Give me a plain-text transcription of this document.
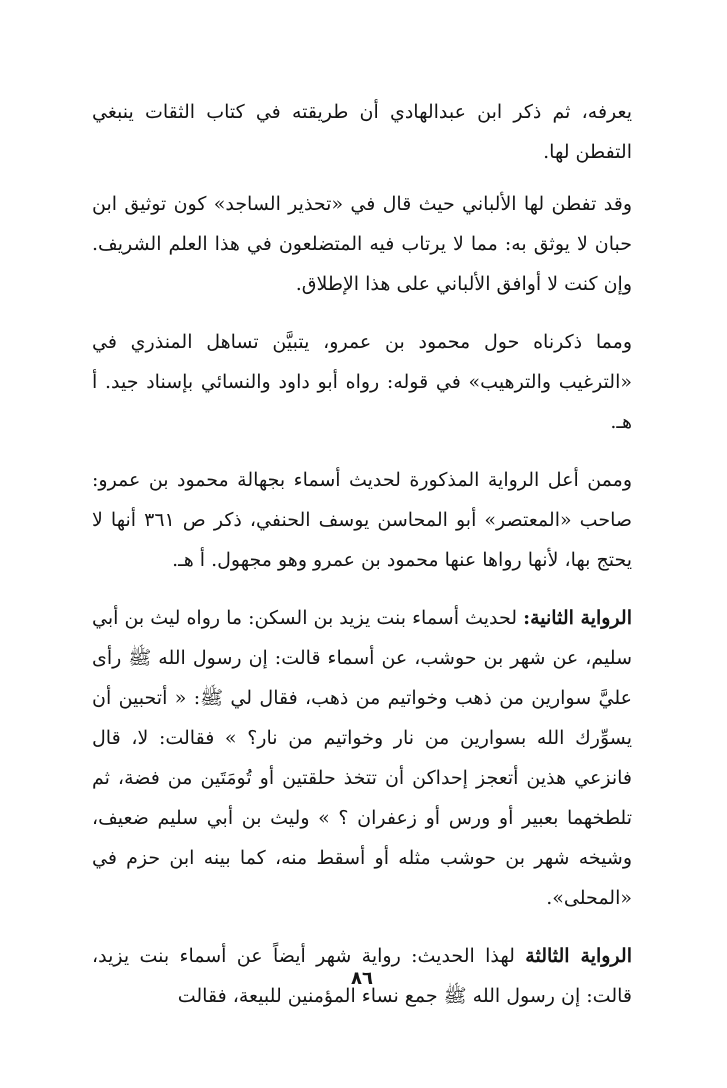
يعرفه، ثم ذكر ابن عبدالهادي أن طريقته في كتاب الثقات ينبغي التفطن لها.

وقد تفطن لها الألباني حيث قال في «تحذير الساجد» كون توثيق ابن حبان لا يوثق به: مما لا يرتاب فيه المتضلعون في هذا العلم الشريف. وإن كنت لا أوافق الألباني على هذا الإطلاق.

ومما ذكرناه حول محمود بن عمرو، يتبيَّن تساهل المنذري في «الترغيب والترهيب» في قوله: رواه أبو داود والنسائي بإسناد جيد. أ هـ.

وممن أعل الرواية المذكورة لحديث أسماء بجهالة محمود بن عمرو: صاحب «المعتصر» أبو المحاسن يوسف الحنفي، ذكر ص ٣٦١ أنها لا يحتج بها، لأنها رواها عنها محمود بن عمرو وهو مجهول. أ هـ.

الرواية الثانية: لحديث أسماء بنت يزيد بن السكن: ما رواه ليث بن أبي سليم، عن شهر بن حوشب، عن أسماء قالت: إن رسول الله ﷺ رأى عليَّ سوارين من ذهب وخواتيم من ذهب، فقال لي ﷺ: « أتحبين أن يسوِّرك الله بسوارين من نار وخواتيم من نار؟ » فقالت: لا، قال فانزعي هذين أتعجز إحداكن أن تتخذ حلقتين أو تُومَتَين من فضة، ثم تلطخهما بعبير أو ورس أو زعفران ؟ » وليث بن أبي سليم ضعيف، وشيخه شهر بن حوشب مثله أو أسقط منه، كما بينه ابن حزم في «المحلى».

الرواية الثالثة لهذا الحديث: رواية شهر أيضاً عن أسماء بنت يزيد، قالت: إن رسول الله ﷺ جمع نساء المؤمنين للبيعة، فقالت

٨٦
